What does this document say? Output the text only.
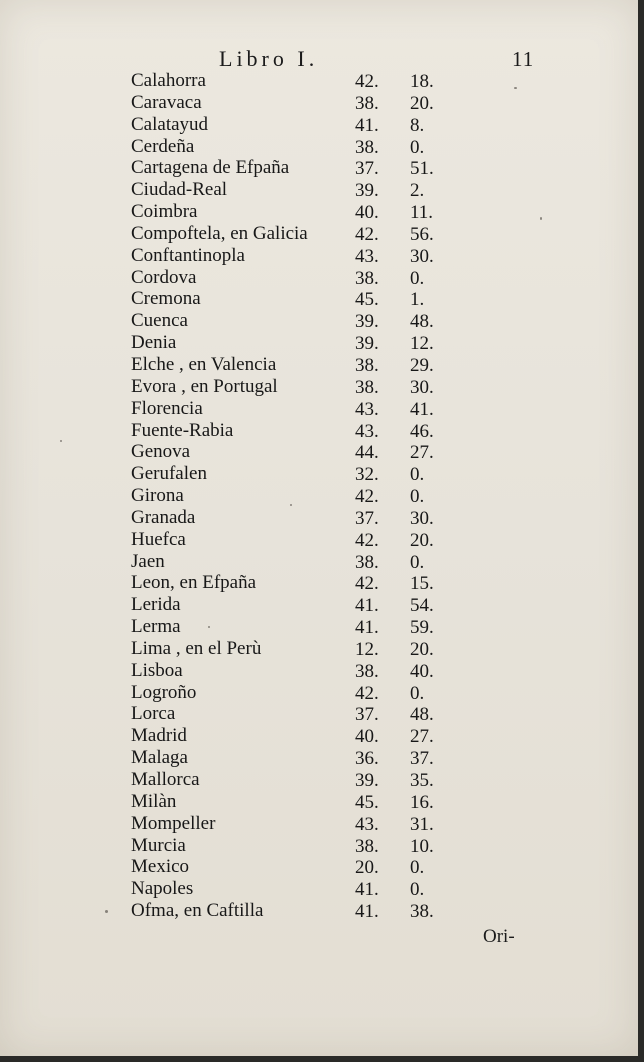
Libro I.	11
Calahorra	42.	18.
Caravaca	38.	20.
Calatayud	41.	8.
Cerdeña	38.	0.
Cartagena de Efpaña	37.	51.
Ciudad-Real	39.	2.
Coimbra	40.	11.
Compoftela, en Galicia 42.	56.
Conftantinopla	43.	30.
Cordova	38.	0.
Cremona	45.	1.
Cuenca	39.	48.
Denia	39.	12.
Elche , en Valencia	38.	29.
Evora , en Portugal	38.	30.
Florencia	43.	41.
Fuente-Rabia	43.	46.
Genova	44.	27.
Gerufalen	32.	0.
Girona	42.	0.
Granada	37.	30.
Huefca	42.	20.
Jaen	38.	0.
Leon, en Efpaña	42.	15.
Lerida	41.	54.
Lerma	41.	59.
Lima , en el Perù	12.	20.
Lisboa	38.	40.
Logroño	42.	0.
Lorca	37.	48.
Madrid	40.	27.
Malaga	36.	37.
Mallorca	39.	35.
Milàn	45.	16.
Mompeller	43.	31.
Murcia	38.	10.
Mexico	20.	0.
Napoles	41.	0.
Ofma, en Caftilla	41.	38.
Ori-
